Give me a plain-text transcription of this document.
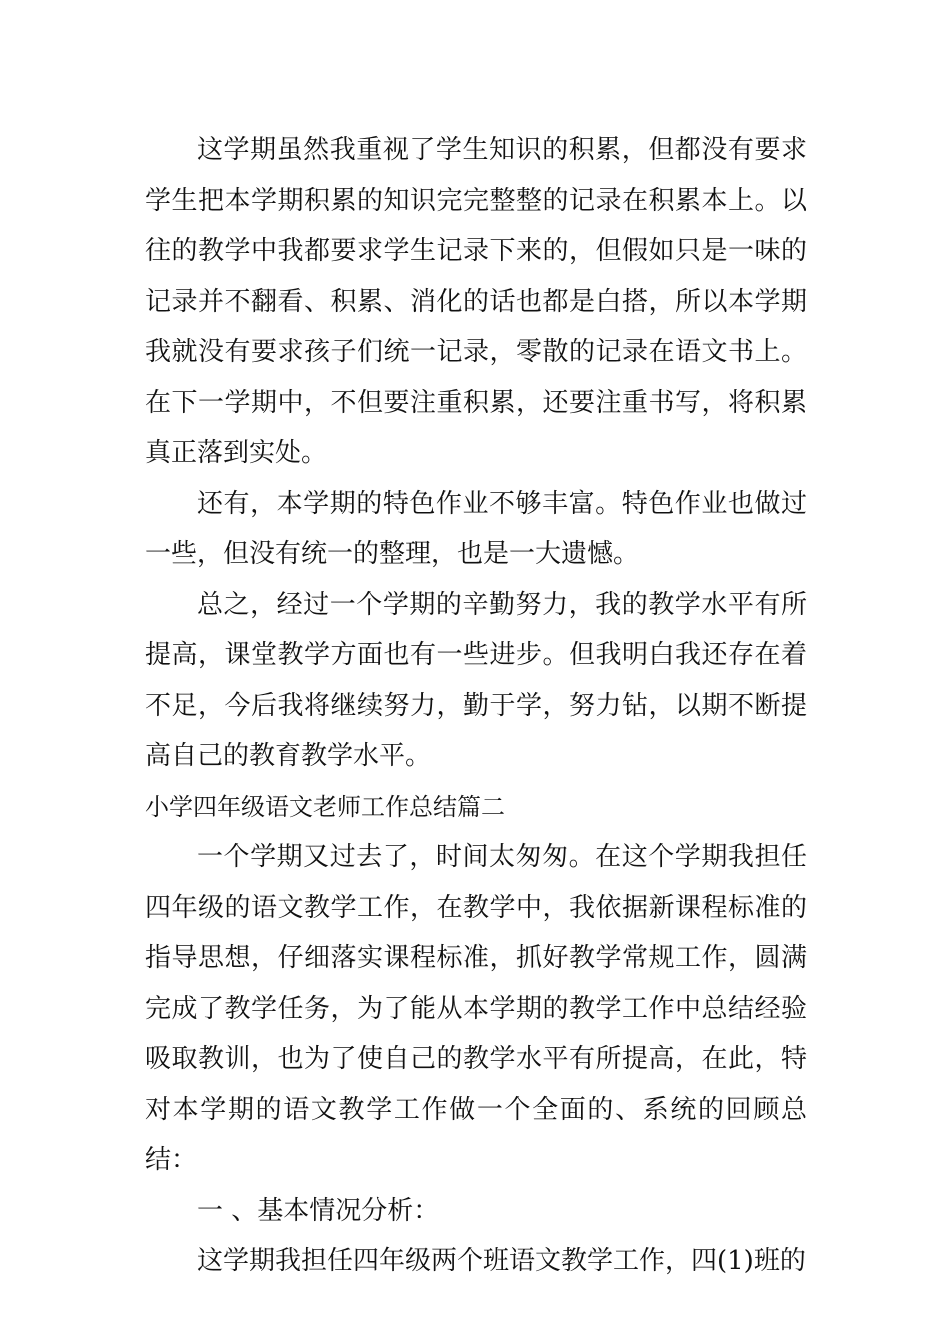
这学期虽然我重视了学生知识的积累，但都没有要求学生把本学期积累的知识完完整整的记录在积累本上。以往的教学中我都要求学生记录下来的，但假如只是一味的记录并不翻看、积累、消化的话也都是白搭，所以本学期我就没有要求孩子们统一记录，零散的记录在语文书上。在下一学期中，不但要注重积累，还要注重书写，将积累真正落到实处。

还有，本学期的特色作业不够丰富。特色作业也做过一些，但没有统一的整理，也是一大遗憾。

总之，经过一个学期的辛勤努力，我的教学水平有所提高，课堂教学方面也有一些进步。但我明白我还存在着不足，今后我将继续努力，勤于学，努力钻，以期不断提高自己的教育教学水平。

小学四年级语文老师工作总结篇二

一个学期又过去了，时间太匆匆。在这个学期我担任四年级的语文教学工作，在教学中，我依据新课程标准的指导思想，仔细落实课程标准，抓好教学常规工作，圆满完成了教学任务，为了能从本学期的教学工作中总结经验吸取教训，也为了使自己的教学水平有所提高，在此，特对本学期的语文教学工作做一个全面的、系统的回顾总结：

一 、基本情况分析：

这学期我担任四年级两个班语文教学工作，四(1)班的
